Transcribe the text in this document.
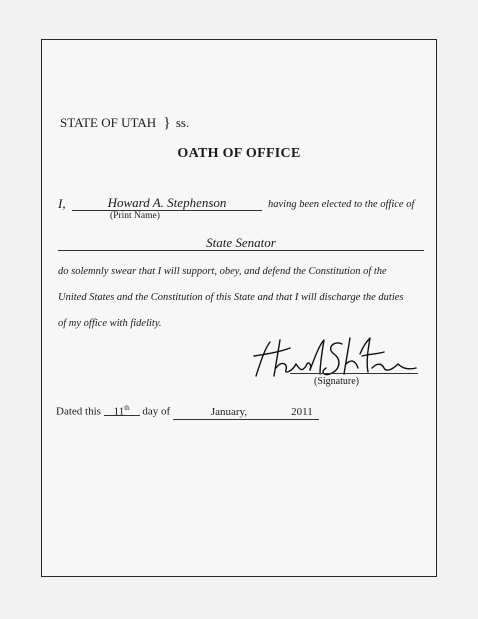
STATE OF UTAH } ss.
OATH OF OFFICE
I,	Howard A. Stephenson
(Print Name)
having been elected to the office of
State Senator
do solemnly swear that I will support, obey, and defend the Constitution of the
United States and the Constitution of this State and that I will discharge the duties
of my office with fidelity.
(Signature)
Dated this 11th day of	January,	2011
